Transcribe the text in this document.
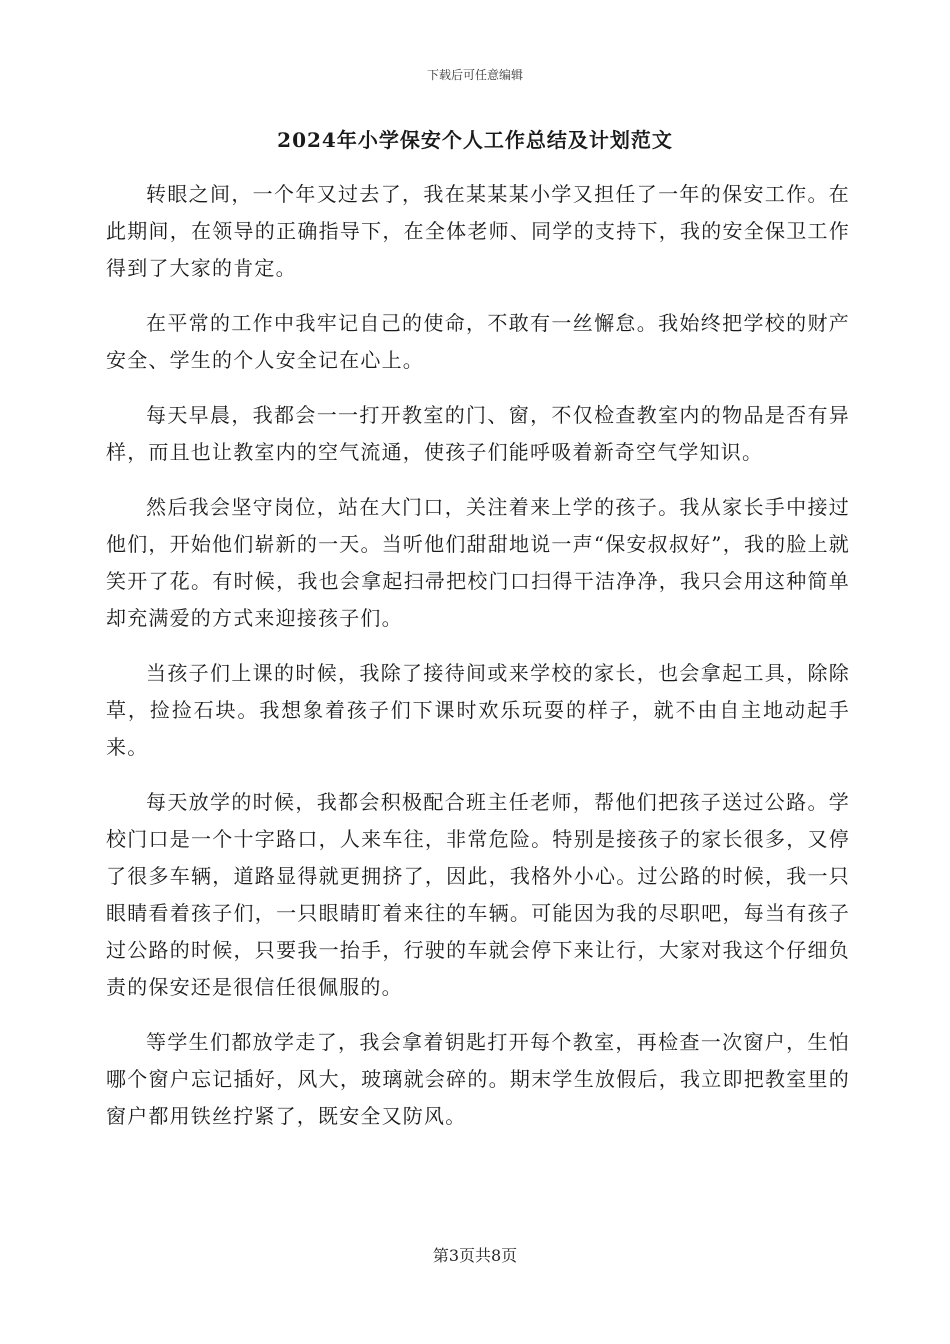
下载后可任意编辑
2024年小学保安个人工作总结及计划范文

转眼之间，一个年又过去了，我在某某某小学又担任了一年的保安工作。在此期间，在领导的正确指导下，在全体老师、同学的支持下，我的安全保卫工作得到了大家的肯定。

在平常的工作中我牢记自己的使命，不敢有一丝懈怠。我始终把学校的财产安全、学生的个人安全记在心上。

每天早晨，我都会一一打开教室的门、窗，不仅检查教室内的物品是否有异样，而且也让教室内的空气流通，使孩子们能呼吸着新奇空气学知识。

然后我会坚守岗位，站在大门口，关注着来上学的孩子。我从家长手中接过他们，开始他们崭新的一天。当听他们甜甜地说一声“保安叔叔好”，我的脸上就笑开了花。有时候，我也会拿起扫帚把校门口扫得干洁净净，我只会用这种简单却充满爱的方式来迎接孩子们。

当孩子们上课的时候，我除了接待间或来学校的家长，也会拿起工具，除除草，捡捡石块。我想象着孩子们下课时欢乐玩耍的样子，就不由自主地动起手来。

每天放学的时候，我都会积极配合班主任老师，帮他们把孩子送过公路。学校门口是一个十字路口，人来车往，非常危险。特别是接孩子的家长很多，又停了很多车辆，道路显得就更拥挤了，因此，我格外小心。过公路的时候，我一只眼睛看着孩子们，一只眼睛盯着来往的车辆。可能因为我的尽职吧，每当有孩子过公路的时候，只要我一抬手，行驶的车就会停下来让行，大家对我这个仔细负责的保安还是很信任很佩服的。

等学生们都放学走了，我会拿着钥匙打开每个教室，再检查一次窗户，生怕哪个窗户忘记插好，风大，玻璃就会碎的。期末学生放假后，我立即把教室里的窗户都用铁丝拧紧了，既安全又防风。

第3页共8页
